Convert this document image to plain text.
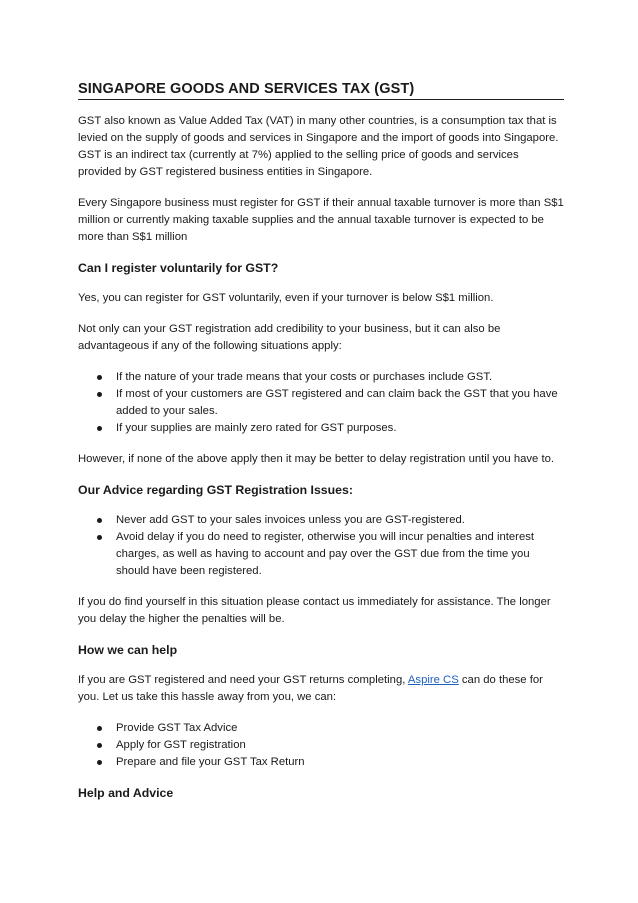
SINGAPORE GOODS AND SERVICES TAX (GST)

GST also known as Value Added Tax (VAT) in many other countries, is a consumption tax that is levied on the supply of goods and services in Singapore and the import of goods into Singapore. GST is an indirect tax (currently at 7%) applied to the selling price of goods and services provided by GST registered business entities in Singapore.

Every Singapore business must register for GST if their annual taxable turnover is more than S$1 million or currently making taxable supplies and the annual taxable turnover is expected to be more than S$1 million

Can I register voluntarily for GST?

Yes, you can register for GST voluntarily, even if your turnover is below S$1 million.

Not only can your GST registration add credibility to your business, but it can also be advantageous if any of the following situations apply:

If the nature of your trade means that your costs or purchases include GST.
If most of your customers are GST registered and can claim back the GST that you have added to your sales.
If your supplies are mainly zero rated for GST purposes.

However, if none of the above apply then it may be better to delay registration until you have to.

Our Advice regarding GST Registration Issues:
Never add GST to your sales invoices unless you are GST-registered.
Avoid delay if you do need to register, otherwise you will incur penalties and interest charges, as well as having to account and pay over the GST due from the time you should have been registered.

If you do find yourself in this situation please contact us immediately for assistance. The longer you delay the higher the penalties will be.

How we can help

If you are GST registered and need your GST returns completing, Aspire CS can do these for you. Let us take this hassle away from you, we can:

Provide GST Tax Advice
Apply for GST registration
Prepare and file your GST Tax Return
Help and Advice
